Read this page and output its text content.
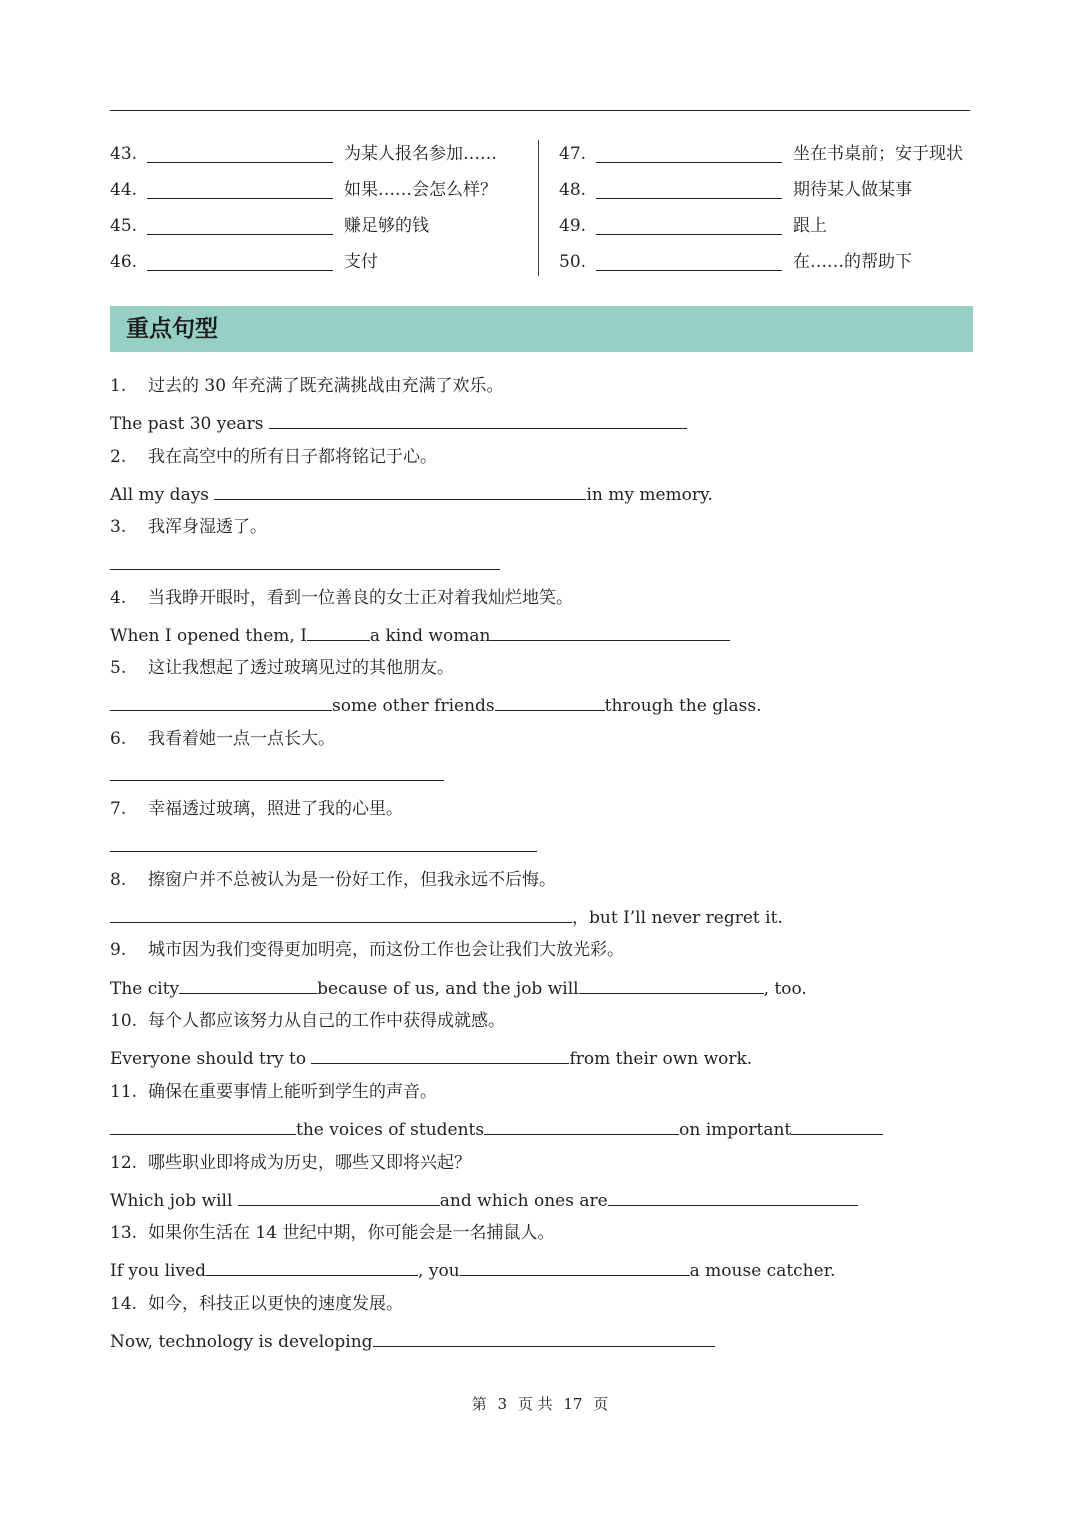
43.	为某人报名参加……
44.	如果……会怎么样？
45.	赚足够的钱
46.	支付
47.	坐在书桌前；安于现状
48.	期待某人做某事
49.	跟上
50.	在……的帮助下
重点句型
1. 过去的 30 年充满了既充满挑战由充满了欢乐。
The past 30 years
2. 我在高空中的所有日子都将铭记于心。
All my days	in my memory.
3. 我浑身湿透了。
4. 当我睁开眼时，看到一位善良的女士正对着我灿烂地笑。
When I opened them, I	a kind woman
5. 这让我想起了透过玻璃见过的其他朋友。
some other friends	through the glass.
6. 我看着她一点一点长大。
7. 幸福透过玻璃，照进了我的心里。
8. 擦窗户并不总被认为是一份好工作，但我永远不后悔。
，but I’ll never regret it.
9. 城市因为我们变得更加明亮，而这份工作也会让我们大放光彩。
The city	because of us, and the job will	, too.
10. 每个人都应该努力从自己的工作中获得成就感。
Everyone should try to	from their own work.
11. 确保在重要事情上能听到学生的声音。
the voices of students	on important
12. 哪些职业即将成为历史，哪些又即将兴起？
Which job will	and which ones are
13. 如果你生活在 14 世纪中期，你可能会是一名捕鼠人。
If you lived	, you	a mouse catcher.
14. 如今，科技正以更快的速度发展。
Now, technology is developing
第 3 页 共 17 页
